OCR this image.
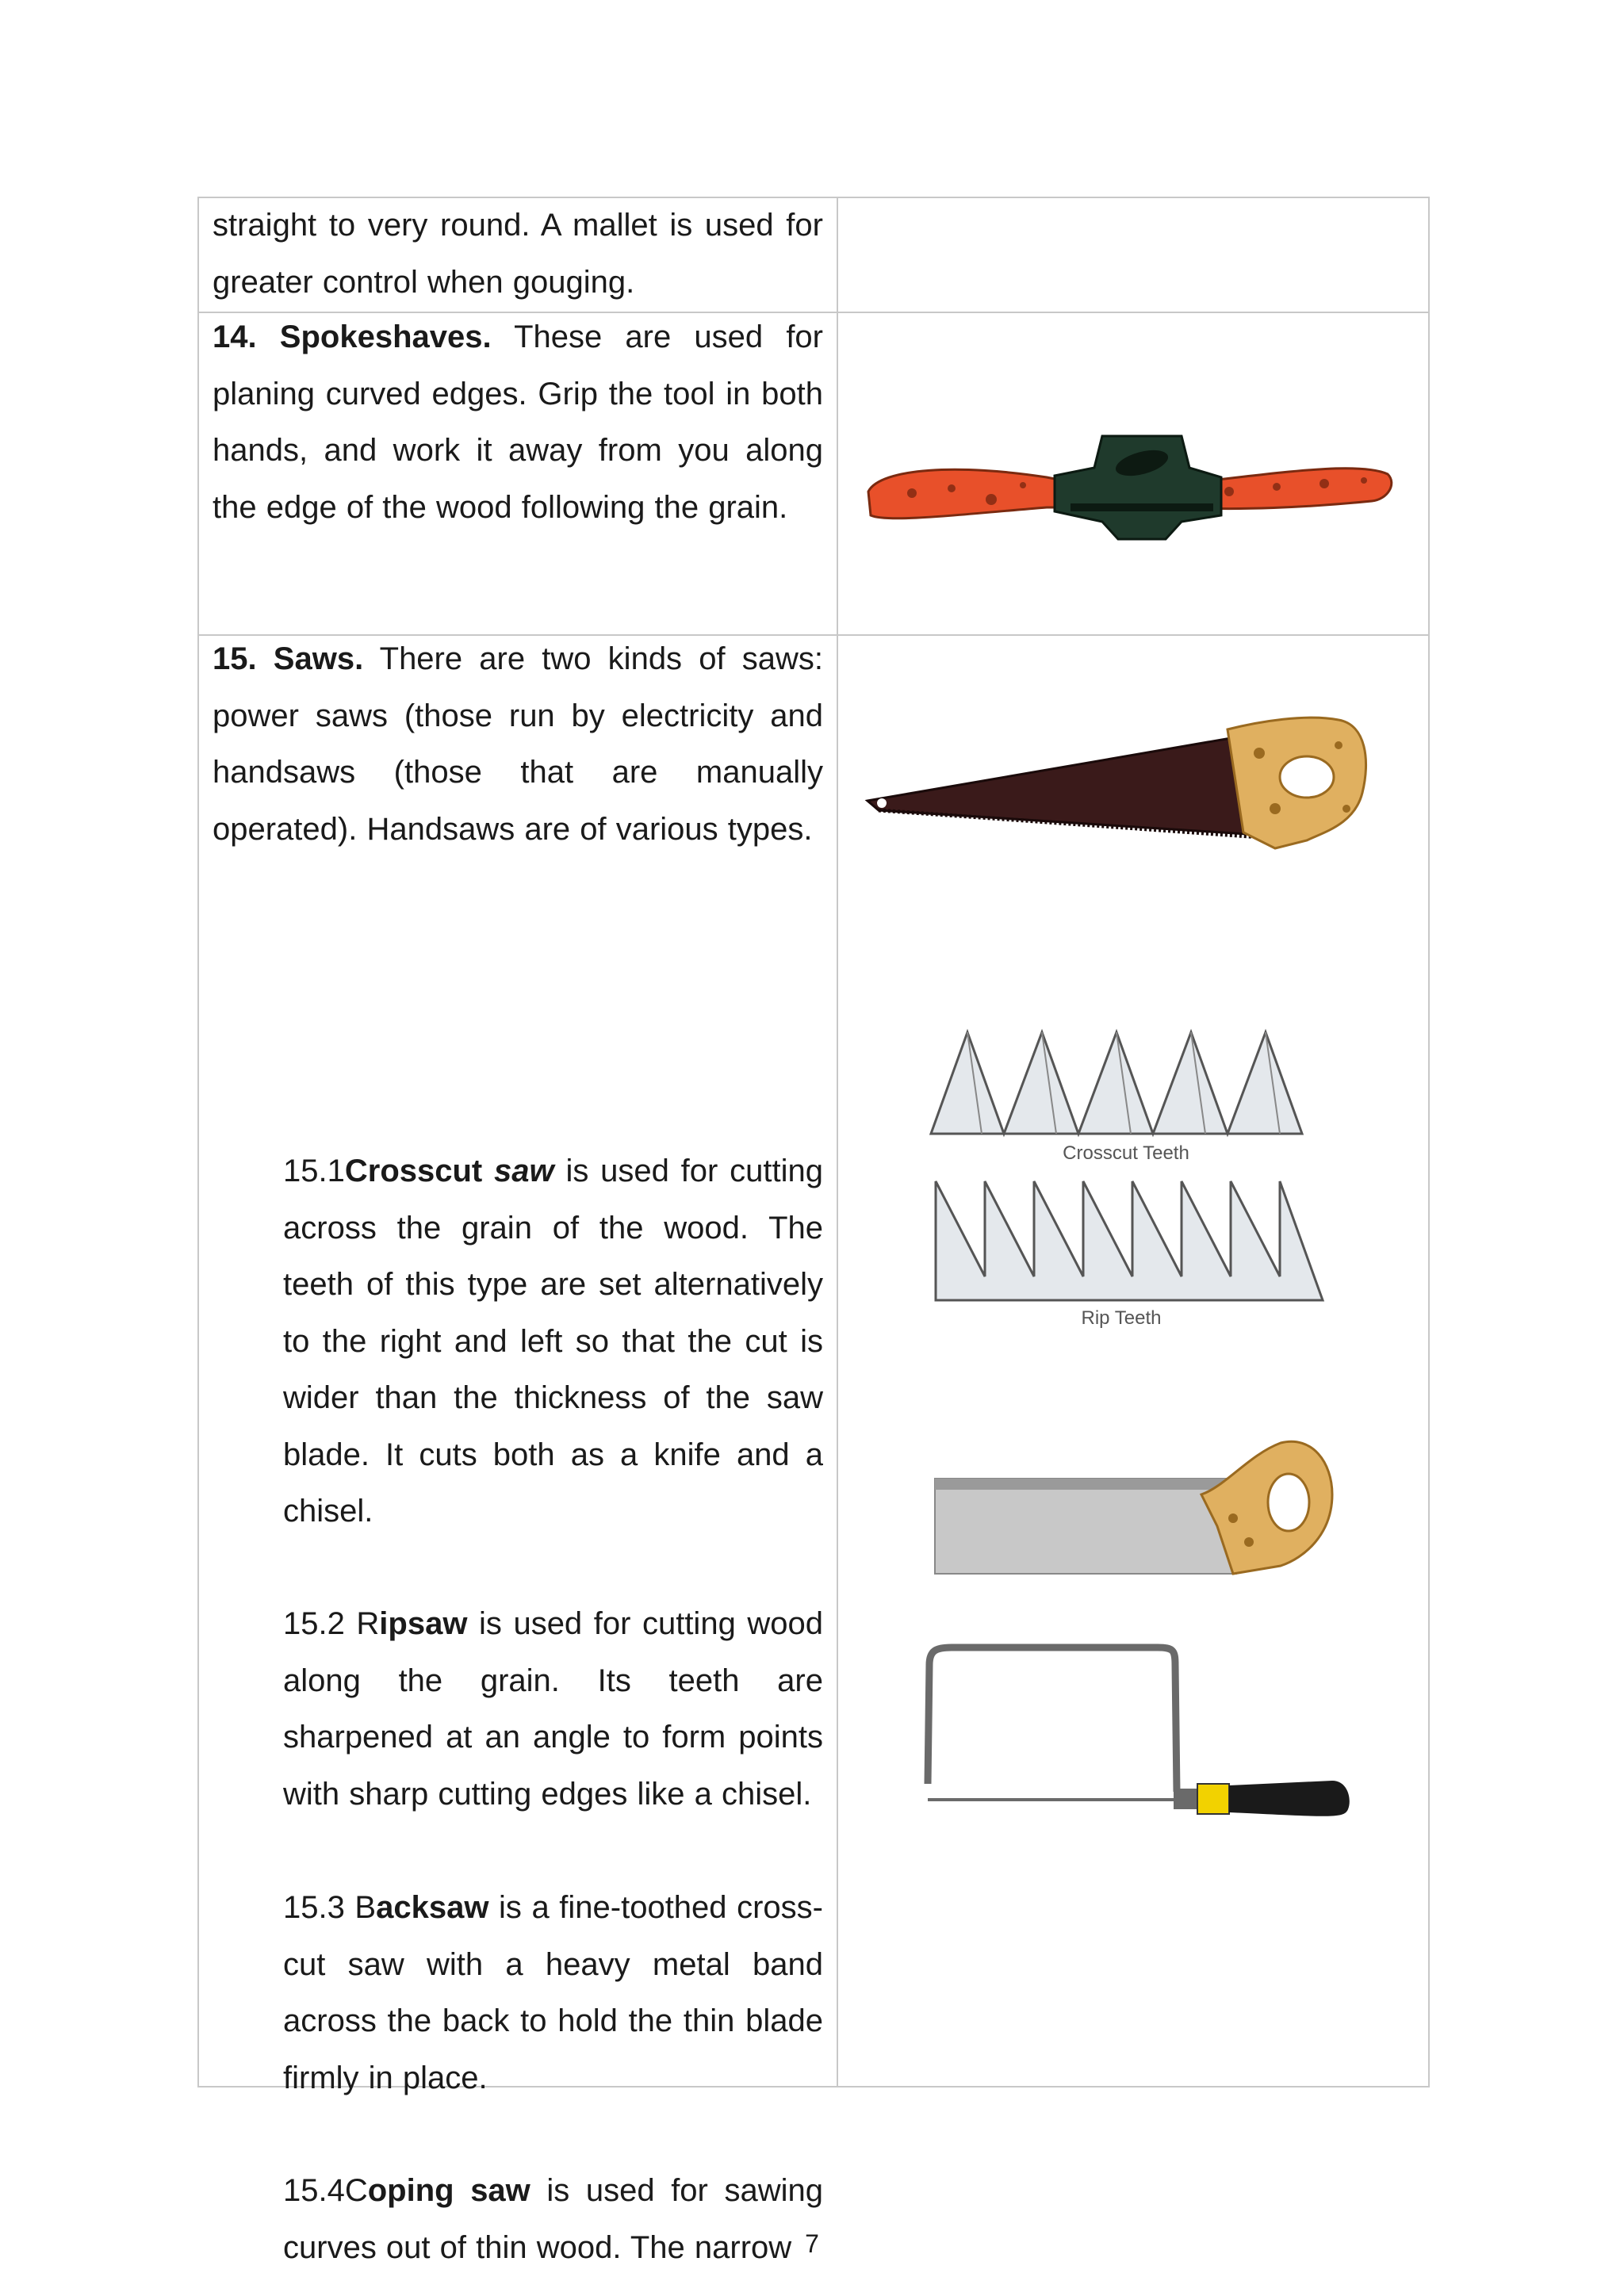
straight to very round. A mallet is used for greater control when gouging.

14. Spokeshaves. These are used for planing curved edges. Grip the tool in both hands, and work it away from you along the edge of the wood following the grain.

15. Saws. There are two kinds of saws: power saws (those run by electricity and handsaws (those that are manually operated). Handsaws are of various types.

15.1Crosscut saw is used for cutting across the grain of the wood. The teeth of this type are set alternatively to the right and left so that the cut is wider than the thickness of the saw blade. It cuts both as a knife and a chisel.

15.2 Ripsaw is used for cutting wood along the grain. Its teeth are sharpened at an angle to form points with sharp cutting edges like a chisel.

15.3 Backsaw is a fine-toothed cross-cut saw with a heavy metal band across the back to hold the thin blade firmly in place.

15.4Coping saw is used for sawing curves out of thin wood. The narrow

Crosscut Teeth
Rip Teeth
7
